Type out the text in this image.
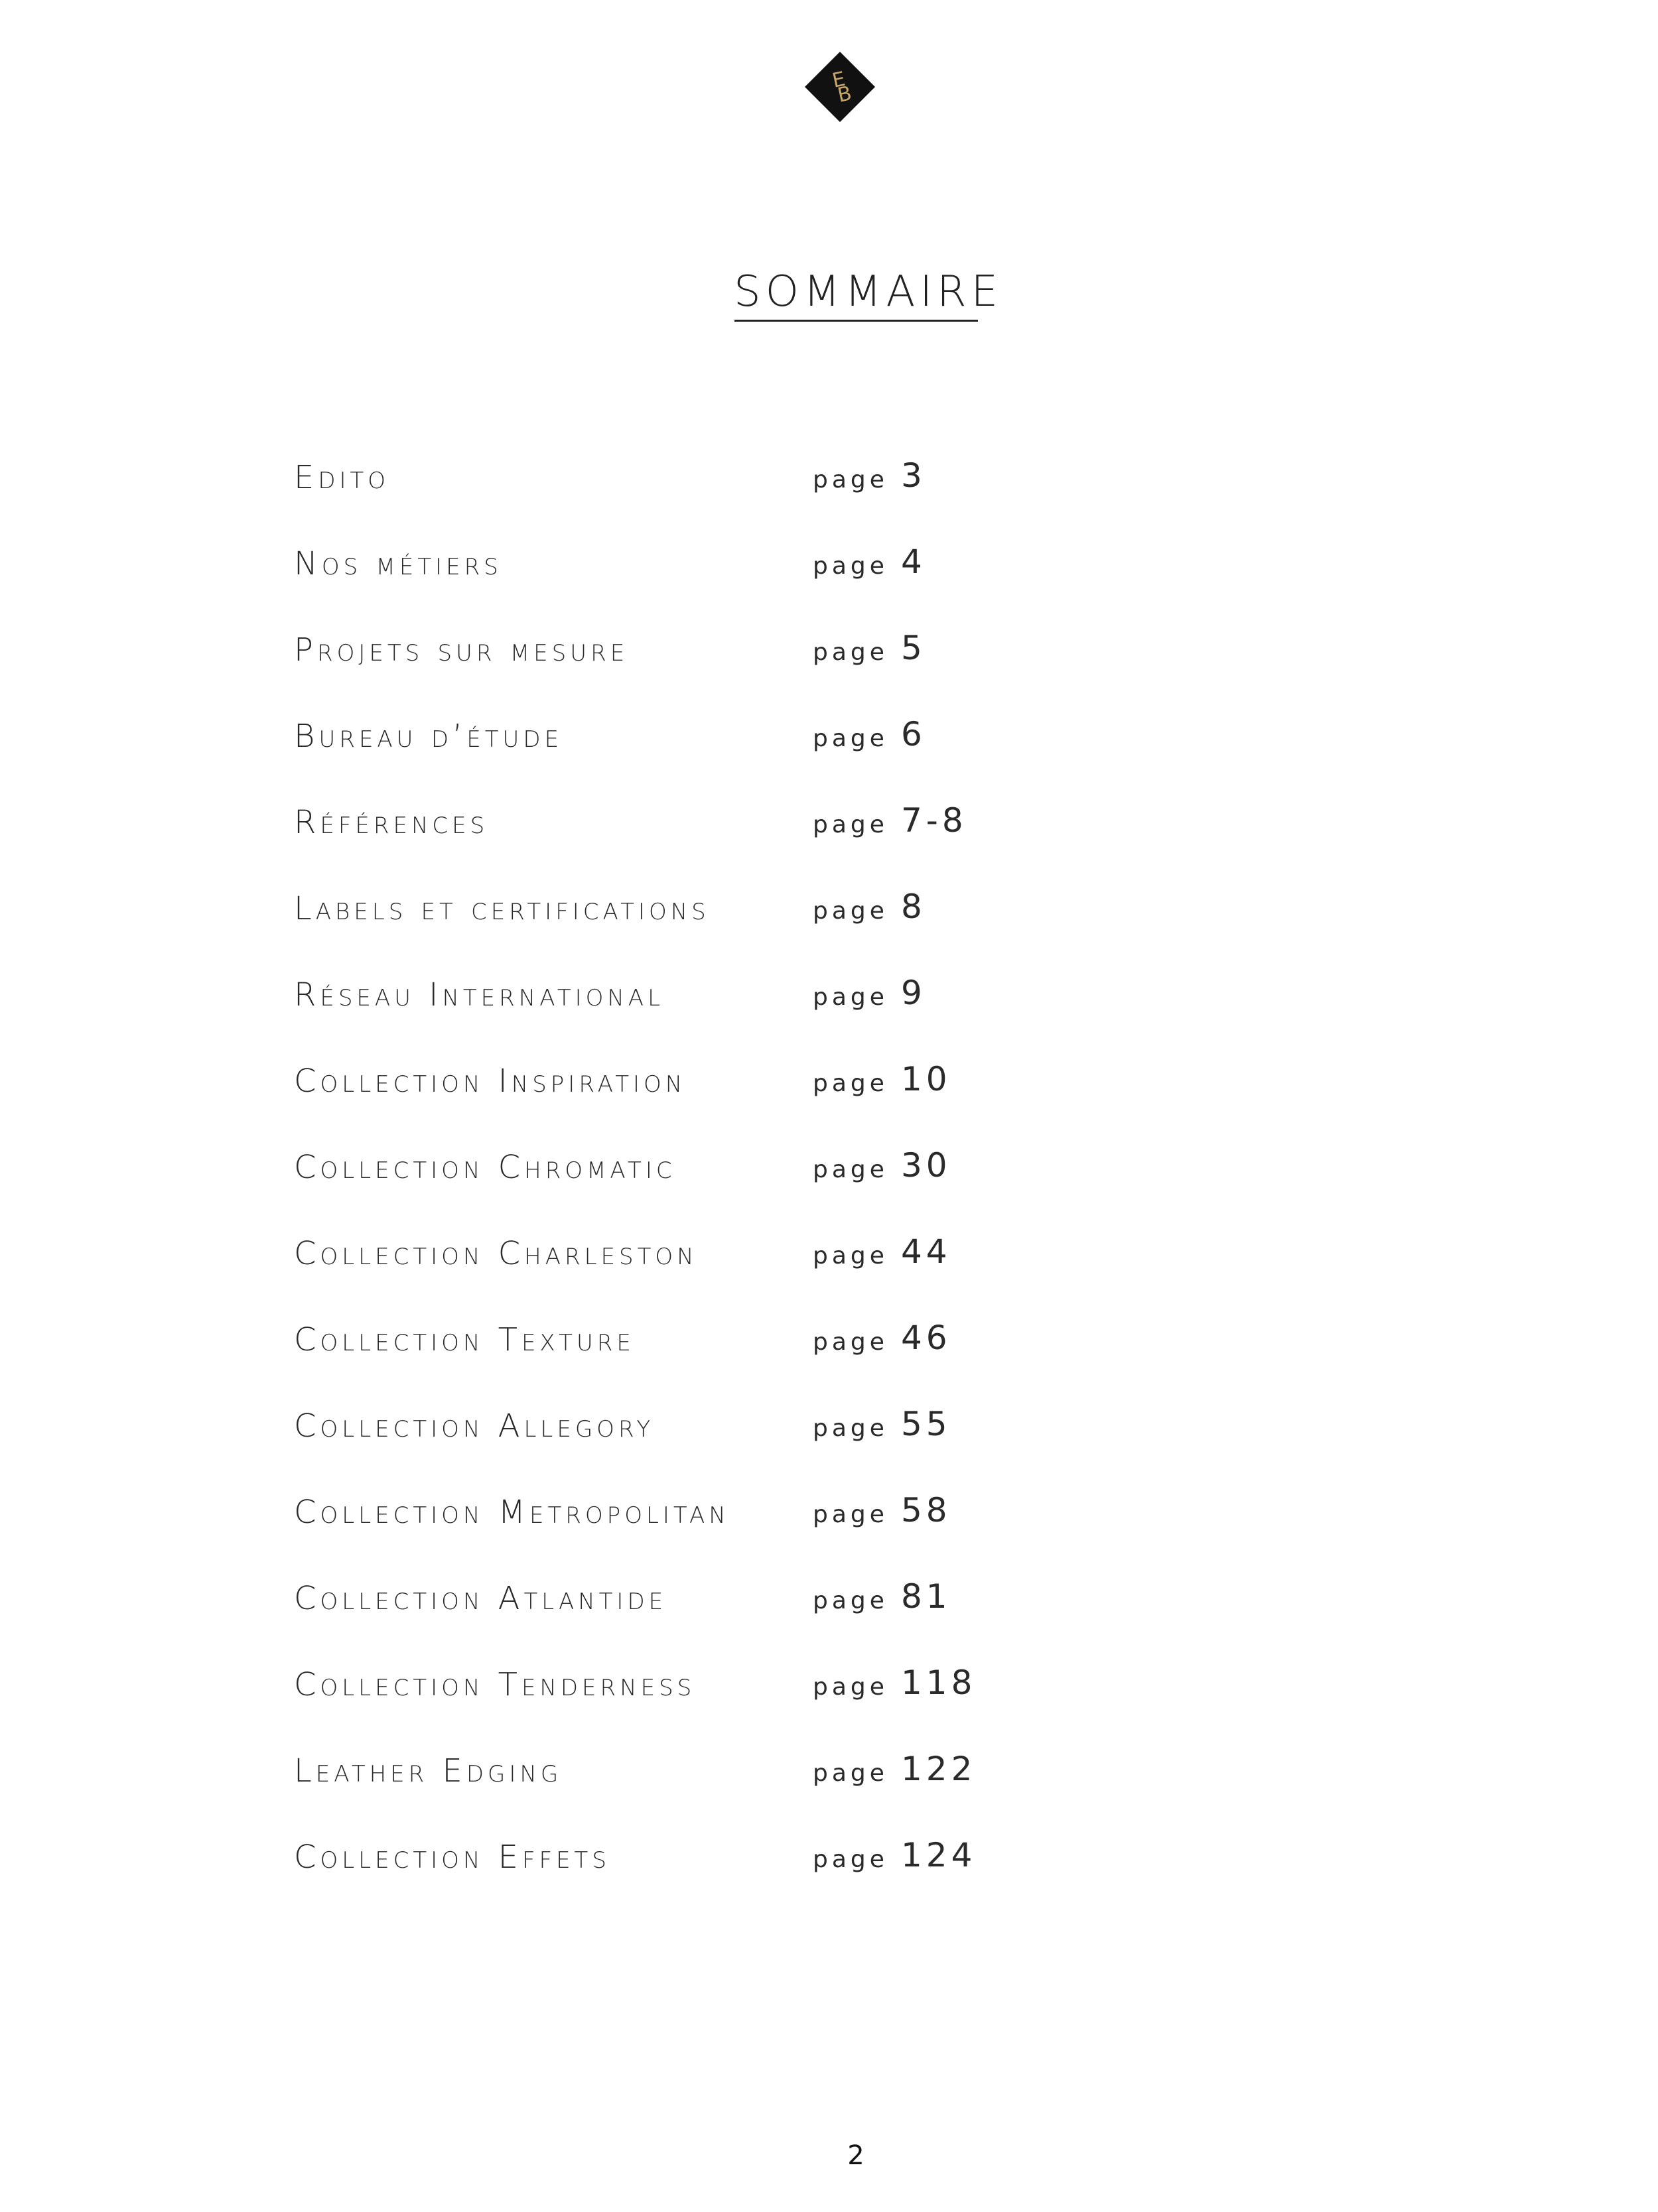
E
B
SOMMAIRE
Edito	page 3
Nos métiers	page 4
Projets sur mesure	page 5
Bureau d’étude	page 6
Références	page 7-8
Labels et certifications	page 8
Réseau International	page 9
Collection Inspiration	page 10
Collection Chromatic	page 30
Collection Charleston	page 44
Collection Texture	page 46
Collection Allegory	page 55
Collection Metropolitan	page 58
Collection Atlantide	page 81
Collection Tenderness	page 118
Leather Edging	page 122
Collection Effets	page 124
2
